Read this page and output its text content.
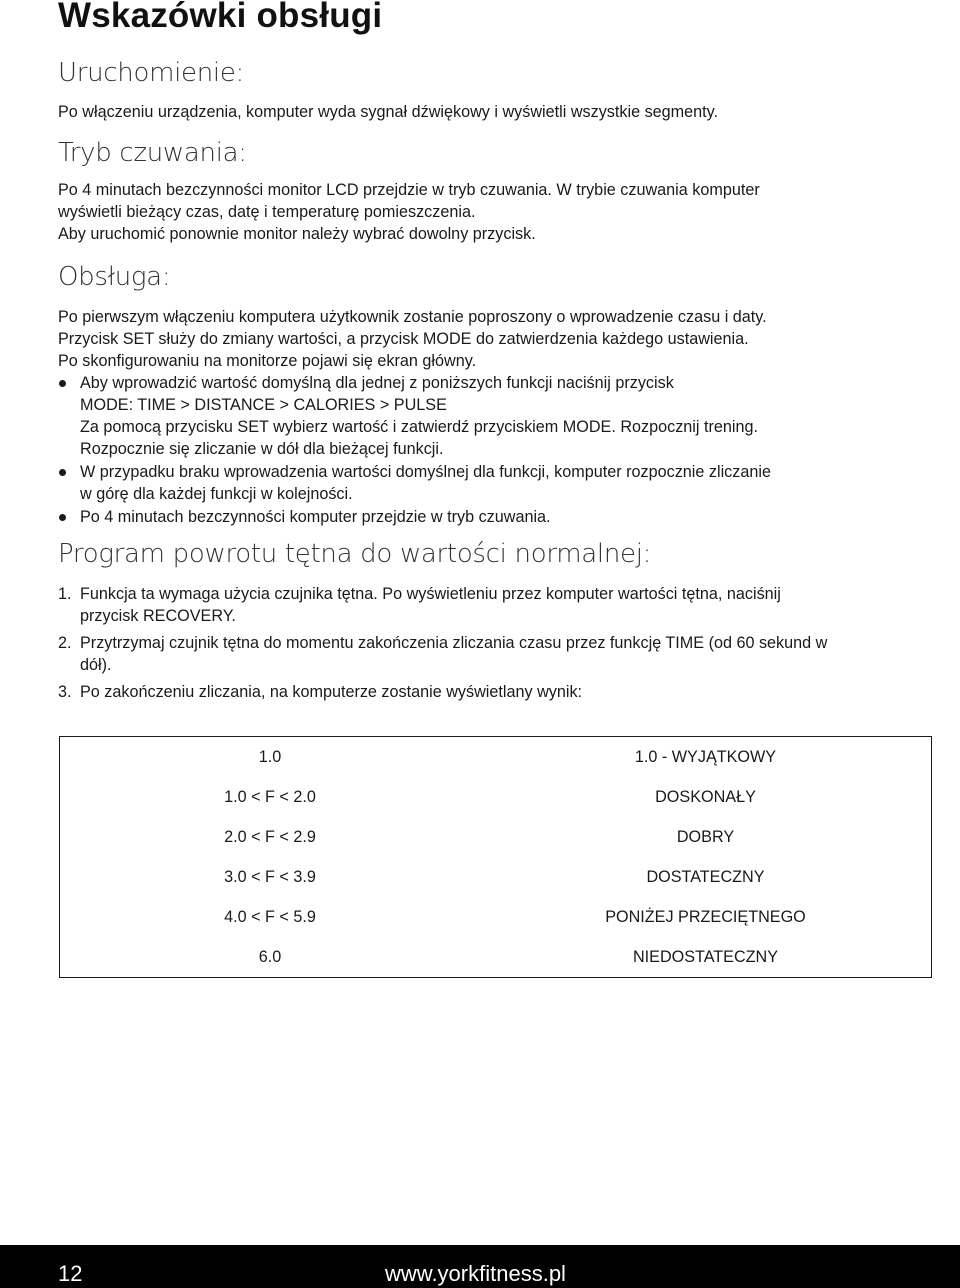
Wskazówki obsługi
Uruchomienie:
Po włączeniu urządzenia, komputer wyda sygnał dźwiękowy i wyświetli wszystkie segmenty.
Tryb czuwania:
Po 4 minutach bezczynności monitor LCD przejdzie w tryb czuwania. W trybie czuwania komputer
wyświetli bieżący czas, datę i temperaturę pomieszczenia.
Aby uruchomić ponownie monitor należy wybrać dowolny przycisk.
Obsługa:
Po pierwszym włączeniu komputera użytkownik zostanie poproszony o wprowadzenie czasu i daty.
Przycisk SET służy do zmiany wartości, a przycisk MODE do zatwierdzenia każdego ustawienia.
Po skonfigurowaniu na monitorze pojawi się ekran główny.
Aby wprowadzić wartość domyślną dla jednej z poniższych funkcji naciśnij przycisk
MODE: TIME > DISTANCE > CALORIES > PULSE
Za pomocą przycisku SET wybierz wartość i zatwierdź przyciskiem MODE. Rozpocznij trening.
Rozpocznie się zliczanie w dół dla bieżącej funkcji.
W przypadku braku wprowadzenia wartości domyślnej dla funkcji, komputer rozpocznie zliczanie
w górę dla każdej funkcji w kolejności.
Po 4 minutach bezczynności komputer przejdzie w tryb czuwania.
Program powrotu tętna do wartości normalnej:
1. Funkcja ta wymaga użycia czujnika tętna. Po wyświetleniu przez komputer wartości tętna, naciśnij
przycisk RECOVERY.
2. Przytrzymaj czujnik tętna do momentu zakończenia zliczania czasu przez funkcję TIME (od 60 sekund w
dół).
3. Po zakończeniu zliczania, na komputerze zostanie wyświetlany wynik:
1.0	1.0 - WYJĄTKOWY
1.0 < F < 2.0	DOSKONAŁY
2.0 < F < 2.9	DOBRY
3.0 < F < 3.9	DOSTATECZNY
4.0 < F < 5.9	PONIŻEJ PRZECIĘTNEGO
6.0	NIEDOSTATECZNY
12	www.yorkfitness.pl
